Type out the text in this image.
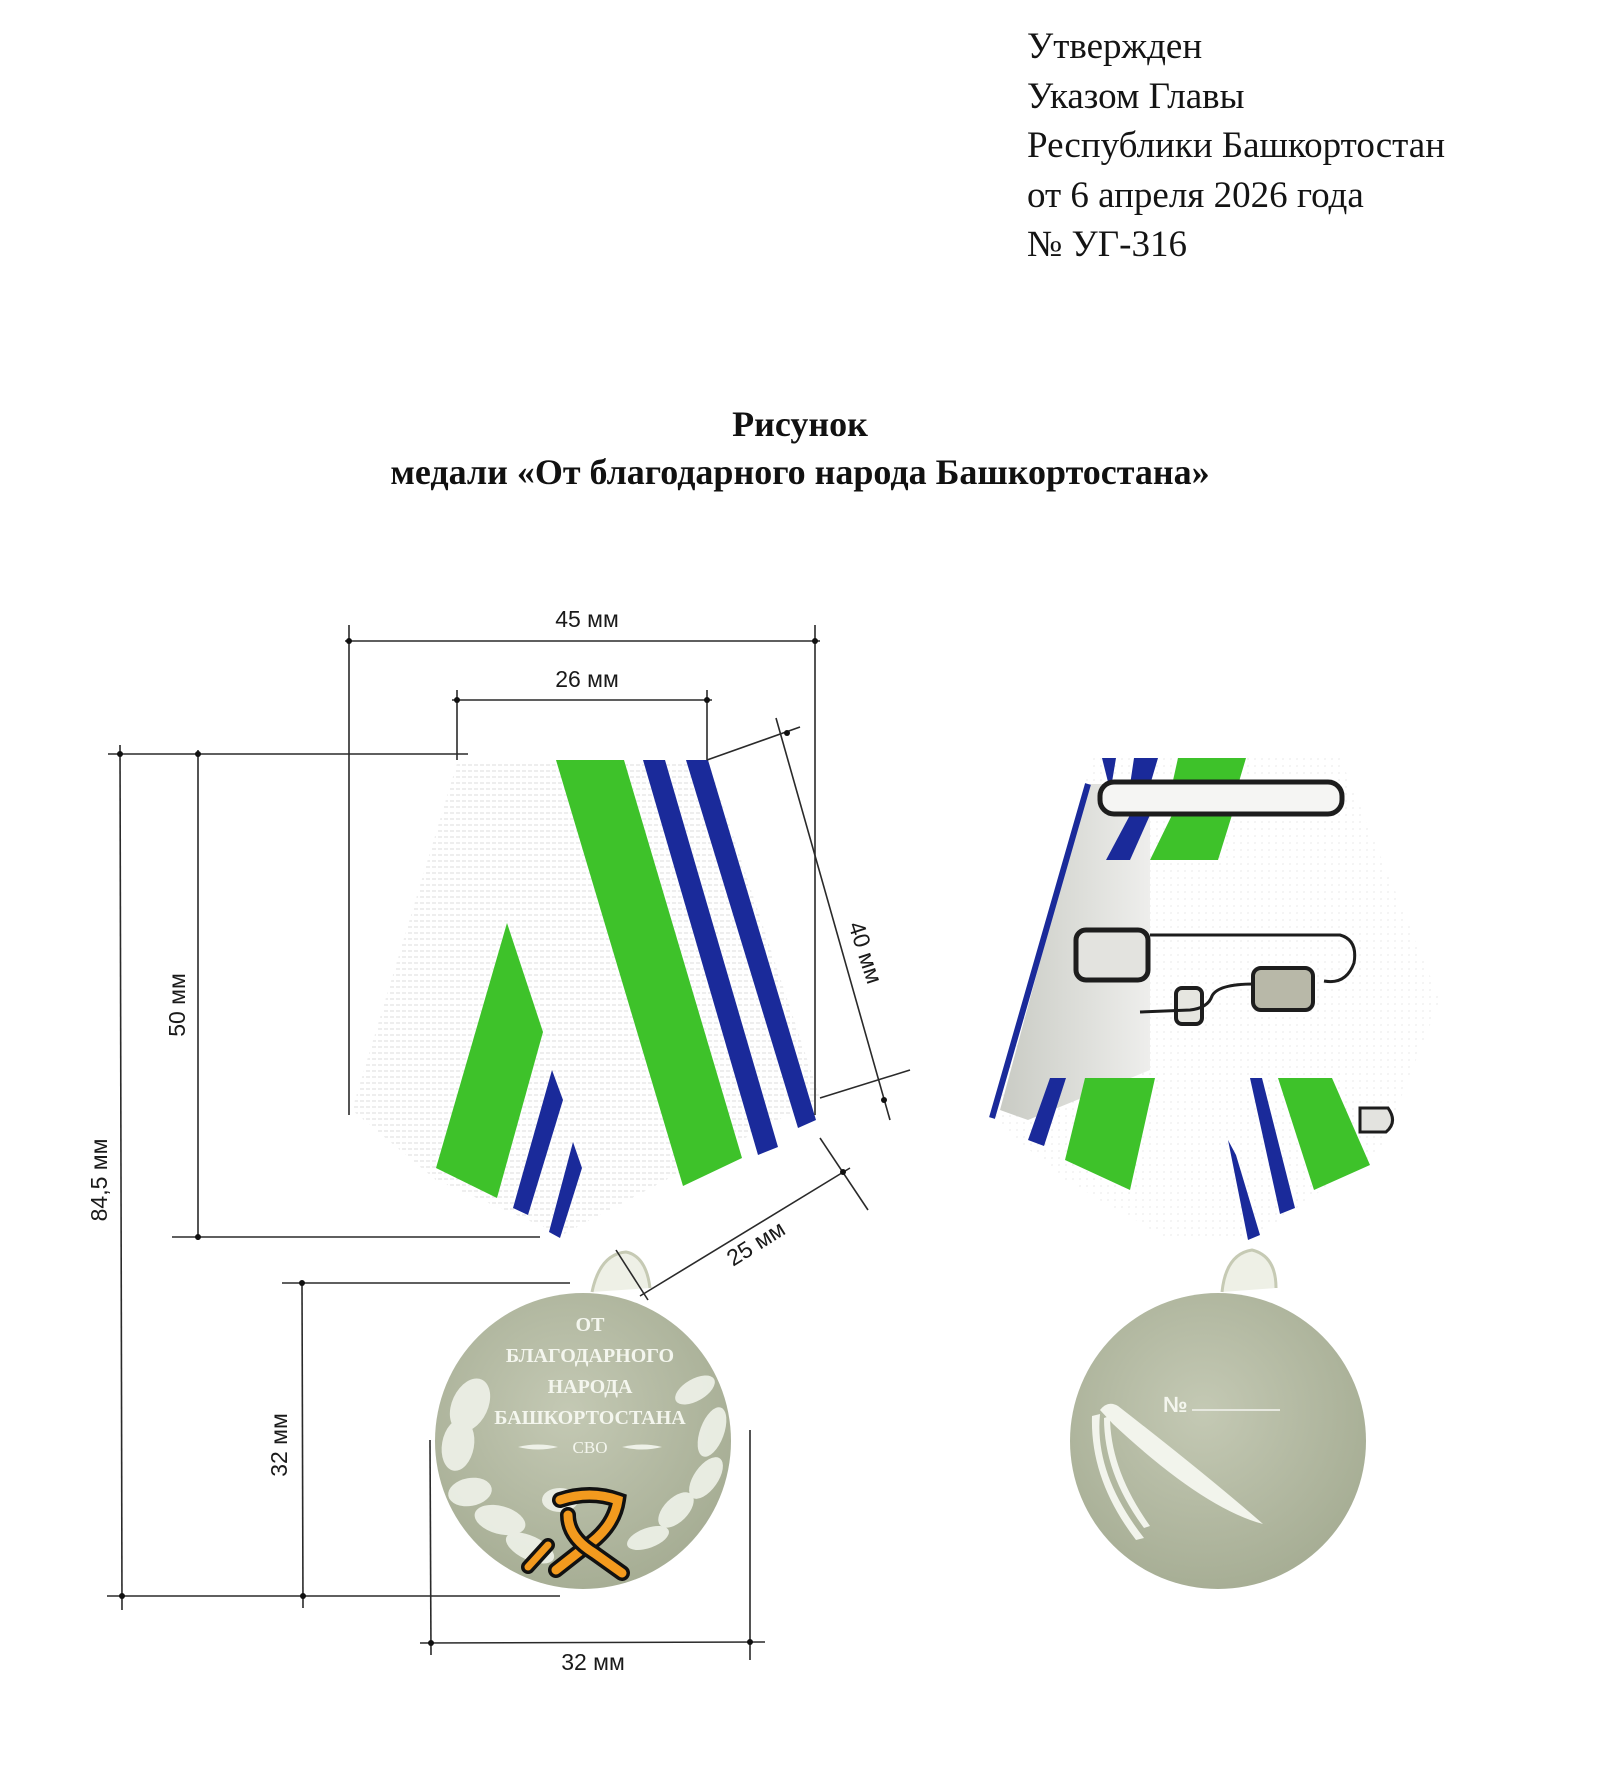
Утвержден
Указом Главы
Республики Башкортостан
от 6 апреля 2026 года
№ УГ-316
Рисунок
медали «От благодарного народа Башкортостана»
ОТ
БЛАГОДАРНОГО
НАРОДА
БАШКОРТОСТАНА
СВО
45 мм
26 мм
40 мм
25 мм
50 мм
84,5 мм
32 мм
32 мм
№
